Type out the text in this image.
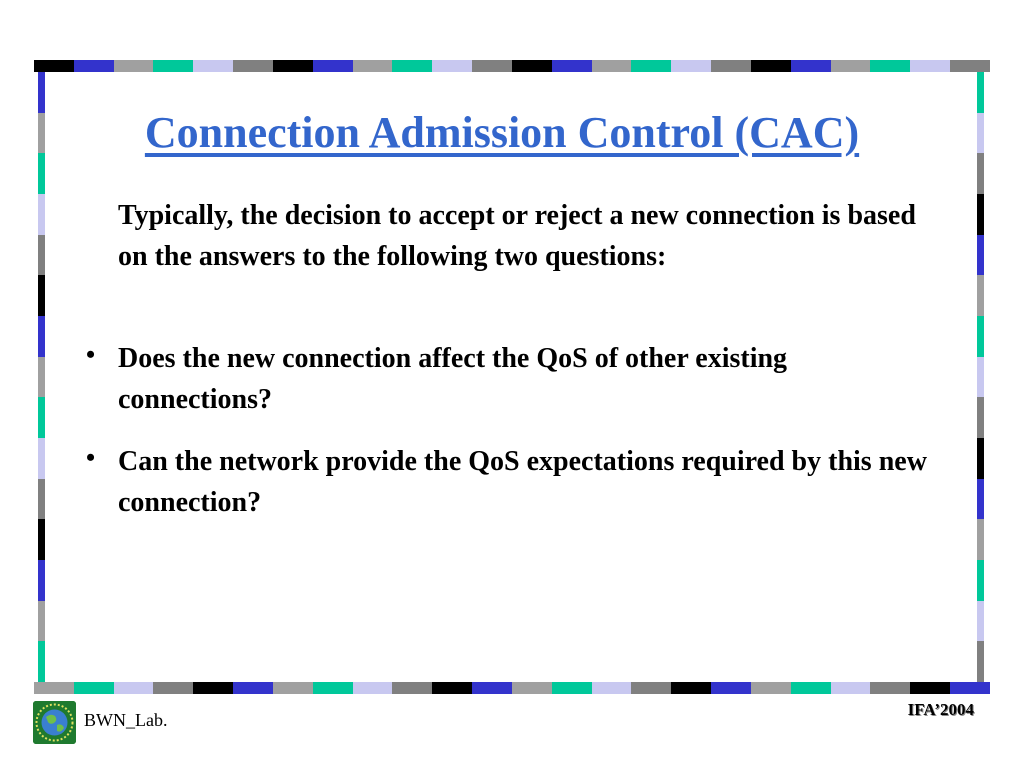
Connection Admission Control (CAC)

Typically, the decision to accept or reject a new connection is based on the answers to the following two questions:

• Does the new connection affect the QoS of other existing connections?

• Can the network provide the QoS expectations required by this new connection?

BWN_Lab.
IFA’2004
